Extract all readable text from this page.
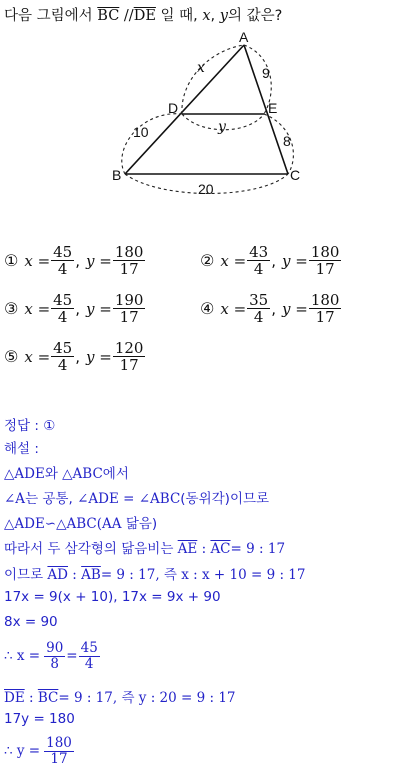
다음 그림에서 $\overline{BC}$ $//\overline{DE}$ 일 때, x, y의 값은?
A
B	C
D	E
x
y
9
8
10
20
① $x = \frac{45}{4}$ , $y = \frac{180}{17}$	② $x = \frac{43}{4}$ , $y = \frac{180}{17}$
③ $x = \frac{45}{4}$ , $y = \frac{190}{17}$	④ $x = \frac{35}{4}$ , $y = \frac{180}{17}$
⑤ $x = \frac{45}{4}$ , $y = \frac{120}{17}$
정답 : ①
해설 :
△ADE와 △ABC에서
∠A는 공통, ∠ADE = ∠ABC(동위각)이므로
△ADE∽△ABC(AA 닮음)
따라서 두 삼각형의 닮음비는 $\overline{AE}$ : $\overline{AC}= 9$ : 17
이므로 $\overline{AD}$ : $\overline{AB}= 9$ : 17, 즉 x : x + 10 = 9 : 17
17x = 9(x + 10), 17x = 9x + 90
8x = 90
∴ $x = \frac{90}{8} = \frac{45}{4}$
$\overline{DE}$ : $\overline{BC}= 9$ : 17, 즉 y : 20 = 9 : 17
17y = 180
∴ $y = \frac{180}{17}$
